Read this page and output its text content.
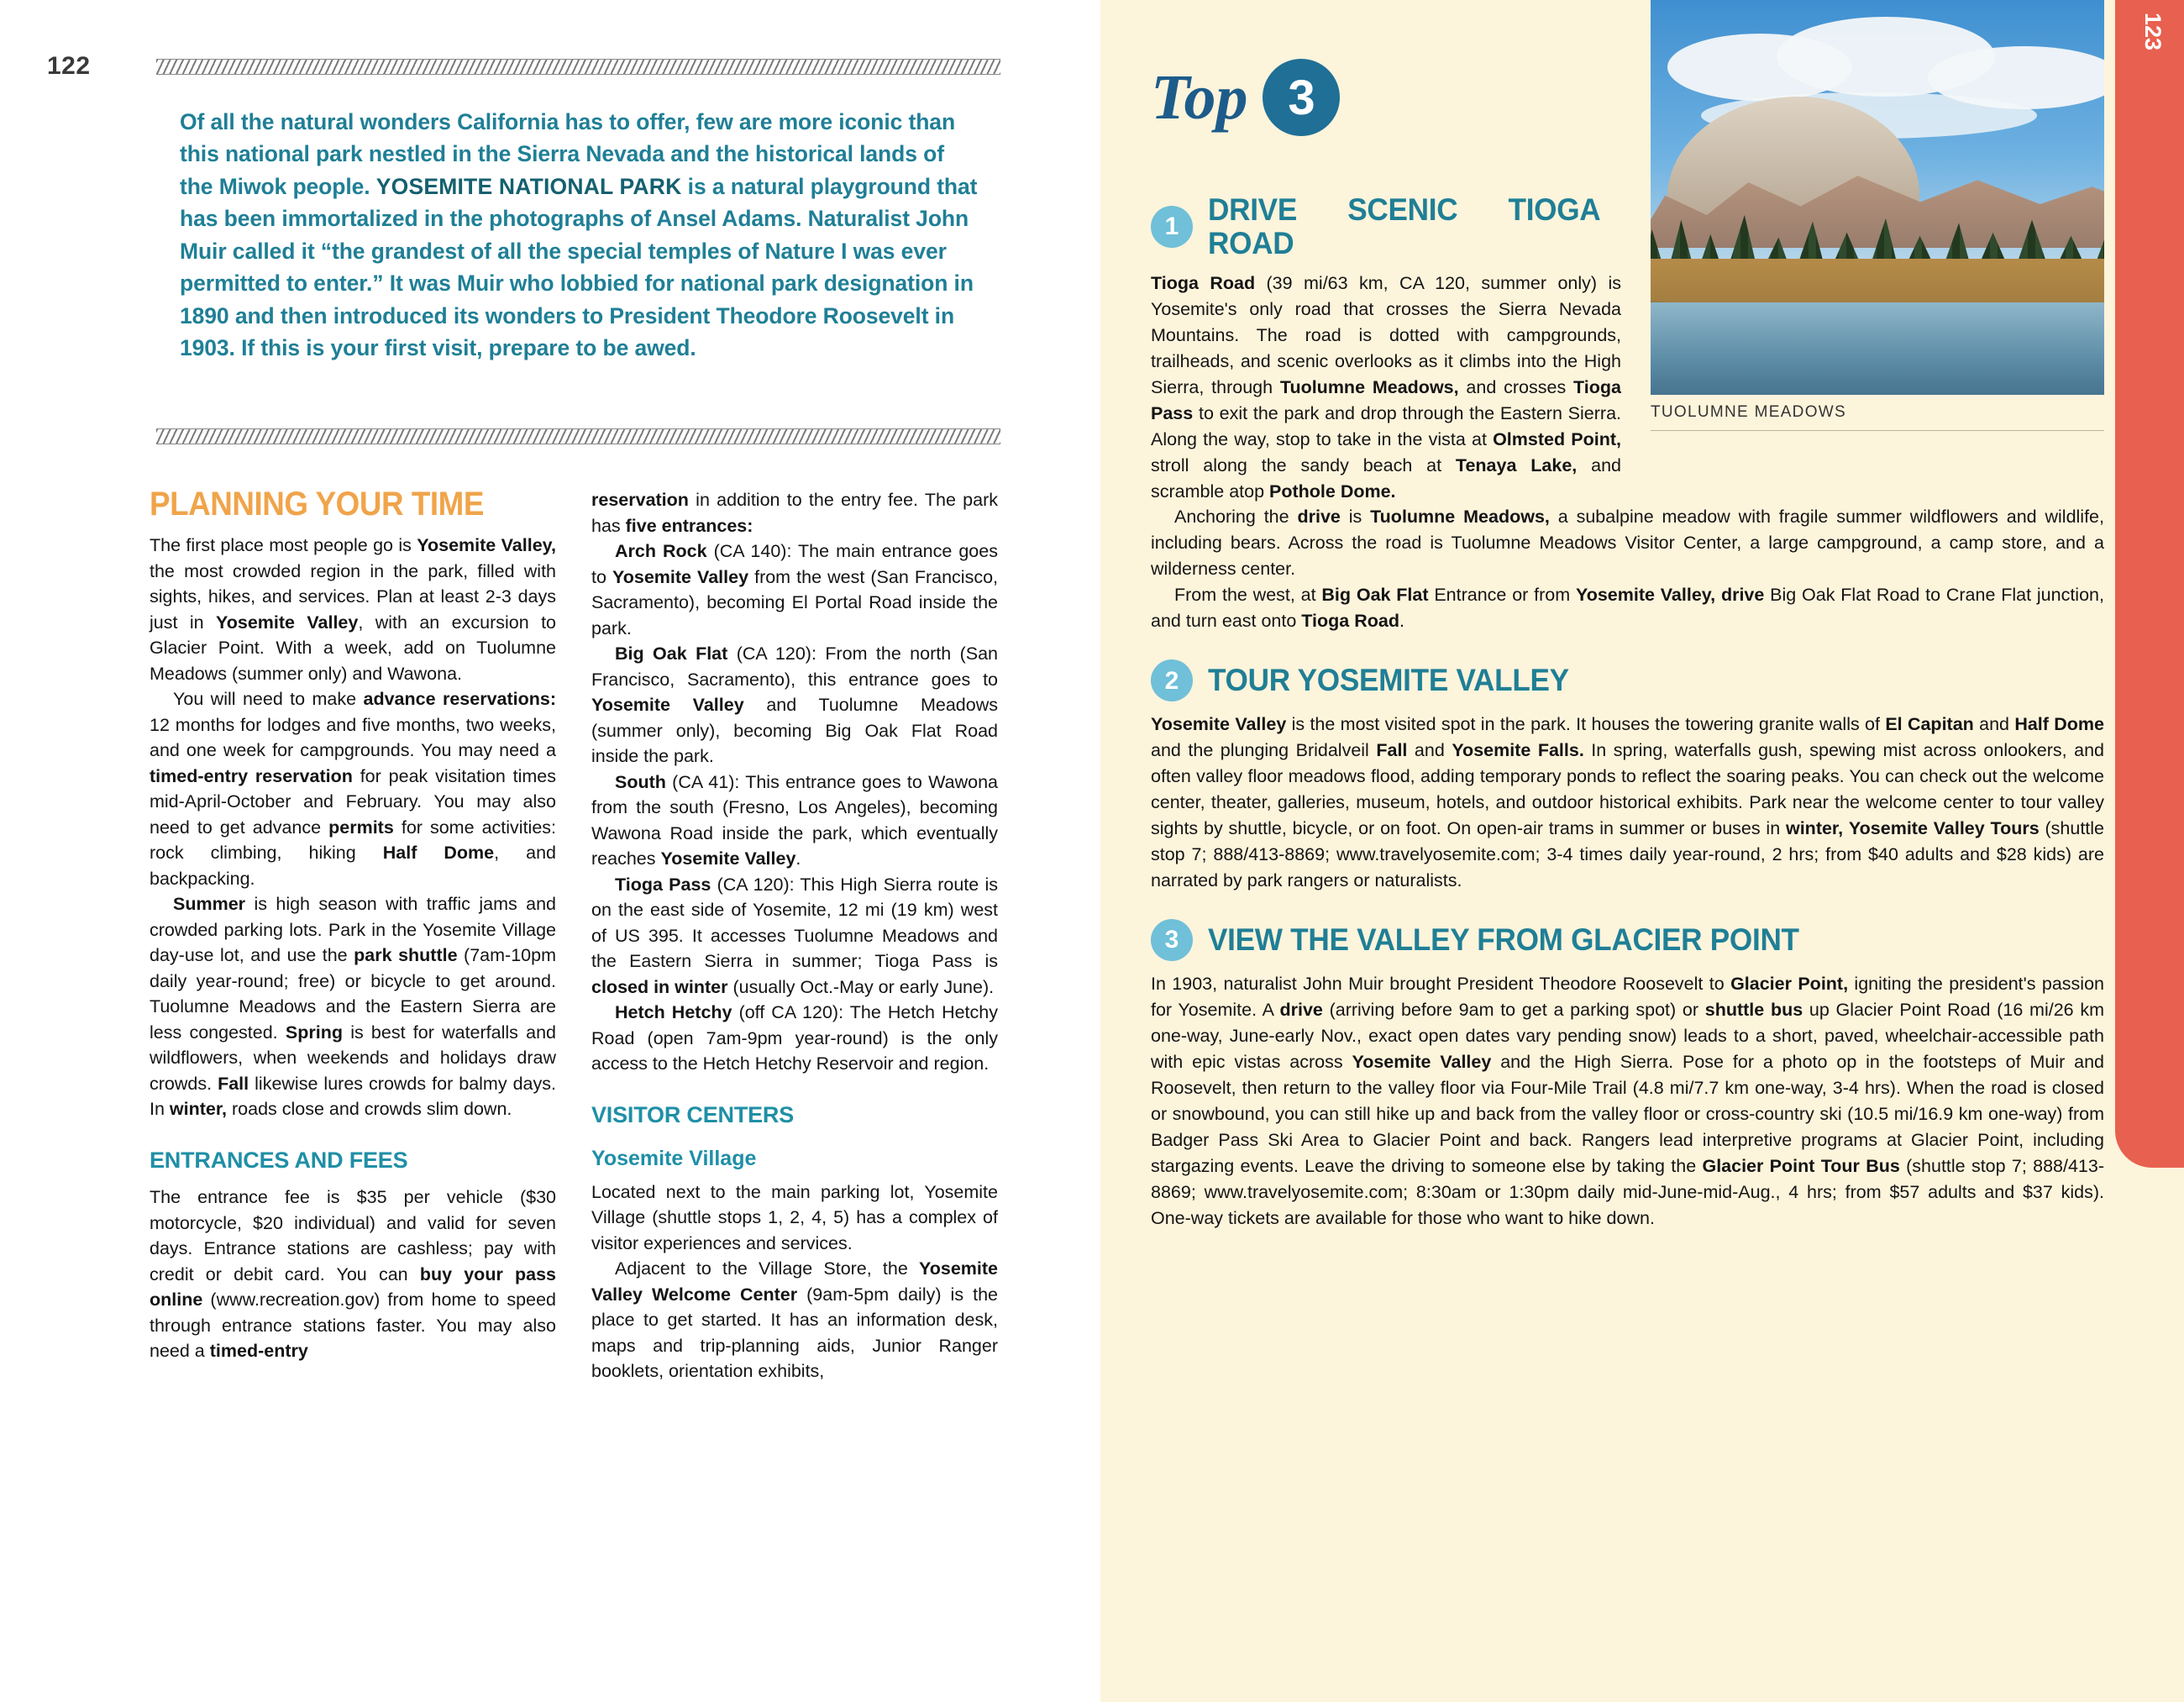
122
Of all the natural wonders California has to offer, few are more iconic than this national park nestled in the Sierra Nevada and the historical lands of the Miwok people. YOSEMITE NATIONAL PARK is a natural playground that has been immortalized in the photographs of Ansel Adams. Naturalist John Muir called it “the grandest of all the special temples of Nature I was ever permitted to enter.” It was Muir who lobbied for national park designation in 1890 and then introduced its wonders to President Theodore Roosevelt in 1903. If this is your first visit, prepare to be awed.
PLANNING YOUR TIME

The first place most people go is Yosemite Valley, the most crowded region in the park, filled with sights, hikes, and services. Plan at least 2-3 days just in Yosemite Valley, with an excursion to Glacier Point. With a week, add on Tuolumne Meadows (summer only) and Wawona.

You will need to make advance reservations: 12 months for lodges and five months, two weeks, and one week for campgrounds. You may need a timed-entry reservation for peak visitation times mid-April-October and February. You may also need to get advance permits for some activities: rock climbing, hiking Half Dome, and backpacking.

Summer is high season with traffic jams and crowded parking lots. Park in the Yosemite Village day-use lot, and use the park shuttle (7am-10pm daily year-round; free) or bicycle to get around. Tuolumne Meadows and the Eastern Sierra are less congested. Spring is best for waterfalls and wildflowers, when weekends and holidays draw crowds. Fall likewise lures crowds for balmy days. In winter, roads close and crowds slim down.

ENTRANCES AND FEES

The entrance fee is $35 per vehicle ($30 motorcycle, $20 individual) and valid for seven days. Entrance stations are cashless; pay with credit or debit card. You can buy your pass online (www.recreation.gov) from home to speed through entrance stations faster. You may also need a timed-entry

reservation in addition to the entry fee. The park has five entrances:

Arch Rock (CA 140): The main entrance goes to Yosemite Valley from the west (San Francisco, Sacramento), becoming El Portal Road inside the park.

Big Oak Flat (CA 120): From the north (San Francisco, Sacramento), this entrance goes to Yosemite Valley and Tuolumne Meadows (summer only), becoming Big Oak Flat Road inside the park.

South (CA 41): This entrance goes to Wawona from the south (Fresno, Los Angeles), becoming Wawona Road inside the park, which eventually reaches Yosemite Valley.

Tioga Pass (CA 120): This High Sierra route is on the east side of Yosemite, 12 mi (19 km) west of US 395. It accesses Tuolumne Meadows and the Eastern Sierra in summer; Tioga Pass is closed in winter (usually Oct.-May or early June).

Hetch Hetchy (off CA 120): The Hetch Hetchy Road (open 7am-9pm year-round) is the only access to the Hetch Hetchy Reservoir and region.

VISITOR CENTERS
Yosemite Village

Located next to the main parking lot, Yosemite Village (shuttle stops 1, 2, 4, 5) has a complex of visitor experiences and services.

Adjacent to the Village Store, the Yosemite Valley Welcome Center (9am-5pm daily) is the place to get started. It has an information desk, maps and trip-planning aids, Junior Ranger booklets, orientation exhibits,

123
TUOLUMNE MEADOWS
Top 3
1 DRIVE SCENIC TIOGA ROAD

Tioga Road (39 mi/63 km, CA 120, summer only) is Yosemite's only road that crosses the Sierra Nevada Mountains. The road is dotted with campgrounds, trailheads, and scenic overlooks as it climbs into the High Sierra, through Tuolumne Meadows, and crosses Tioga Pass to exit the park and drop through the Eastern Sierra. Along the way, stop to take in the vista at Olmsted Point, stroll along the sandy beach at Tenaya Lake, and scramble atop Pothole Dome.

Anchoring the drive is Tuolumne Meadows, a subalpine meadow with fragile summer wildflowers and wildlife, including bears. Across the road is Tuolumne Meadows Visitor Center, a large campground, a camp store, and a wilderness center.

From the west, at Big Oak Flat Entrance or from Yosemite Valley, drive Big Oak Flat Road to Crane Flat junction, and turn east onto Tioga Road.

2 TOUR YOSEMITE VALLEY

Yosemite Valley is the most visited spot in the park. It houses the towering granite walls of El Capitan and Half Dome and the plunging Bridalveil Fall and Yosemite Falls. In spring, waterfalls gush, spewing mist across onlookers, and often valley floor meadows flood, adding temporary ponds to reflect the soaring peaks. You can check out the welcome center, theater, galleries, museum, hotels, and outdoor historical exhibits. Park near the welcome center to tour valley sights by shuttle, bicycle, or on foot. On open-air trams in summer or buses in winter, Yosemite Valley Tours (shuttle stop 7; 888/413-8869; www.travelyosemite.com; 3-4 times daily year-round, 2 hrs; from $40 adults and $28 kids) are narrated by park rangers or naturalists.

3 VIEW THE VALLEY FROM GLACIER POINT

In 1903, naturalist John Muir brought President Theodore Roosevelt to Glacier Point, igniting the president's passion for Yosemite. A drive (arriving before 9am to get a parking spot) or shuttle bus up Glacier Point Road (16 mi/26 km one-way, June-early Nov., exact open dates vary pending snow) leads to a short, paved, wheelchair-accessible path with epic vistas across Yosemite Valley and the High Sierra. Pose for a photo op in the footsteps of Muir and Roosevelt, then return to the valley floor via Four-Mile Trail (4.8 mi/7.7 km one-way, 3-4 hrs). When the road is closed or snowbound, you can still hike up and back from the valley floor or cross-country ski (10.5 mi/16.9 km one-way) from Badger Pass Ski Area to Glacier Point and back. Rangers lead interpretive programs at Glacier Point, including stargazing events. Leave the driving to someone else by taking the Glacier Point Tour Bus (shuttle stop 7; 888/413-8869; www.travelyosemite.com; 8:30am or 1:30pm daily mid-June-mid-Aug., 4 hrs; from $57 adults and $37 kids). One-way tickets are available for those who want to hike down.
